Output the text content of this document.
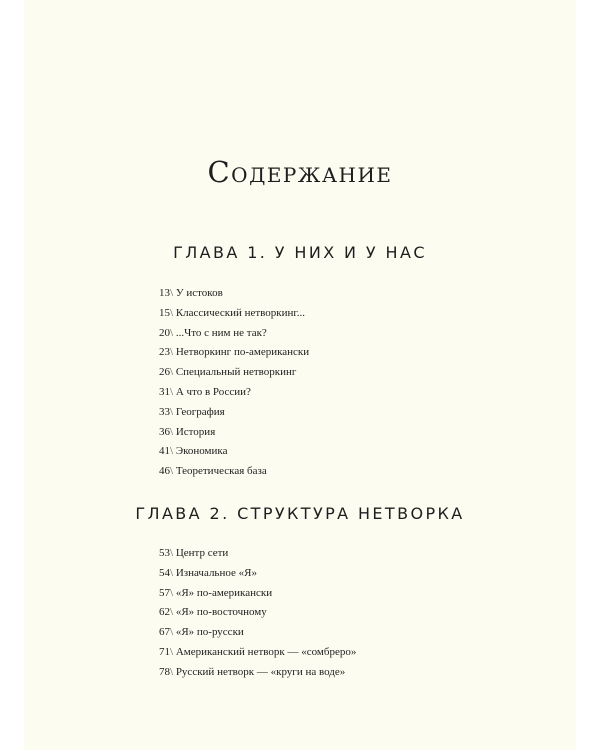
Содержание
ГЛАВА 1. У НИХ И У НАС
13\ У истоков
15\ Классический нетворкинг...
20\ ...Что с ним не так?
23\ Нетворкинг по-американски
26\ Специальный нетворкинг
31\ А что в России?
33\ География
36\ История
41\ Экономика
46\ Теоретическая база
ГЛАВА 2. СТРУКТУРА НЕТВОРКА
53\ Центр сети
54\ Изначальное «Я»
57\ «Я» по-американски
62\ «Я» по-восточному
67\ «Я» по-русски
71\ Американский нетворк — «сомбреро»
78\ Русский нетворк — «круги на воде»
